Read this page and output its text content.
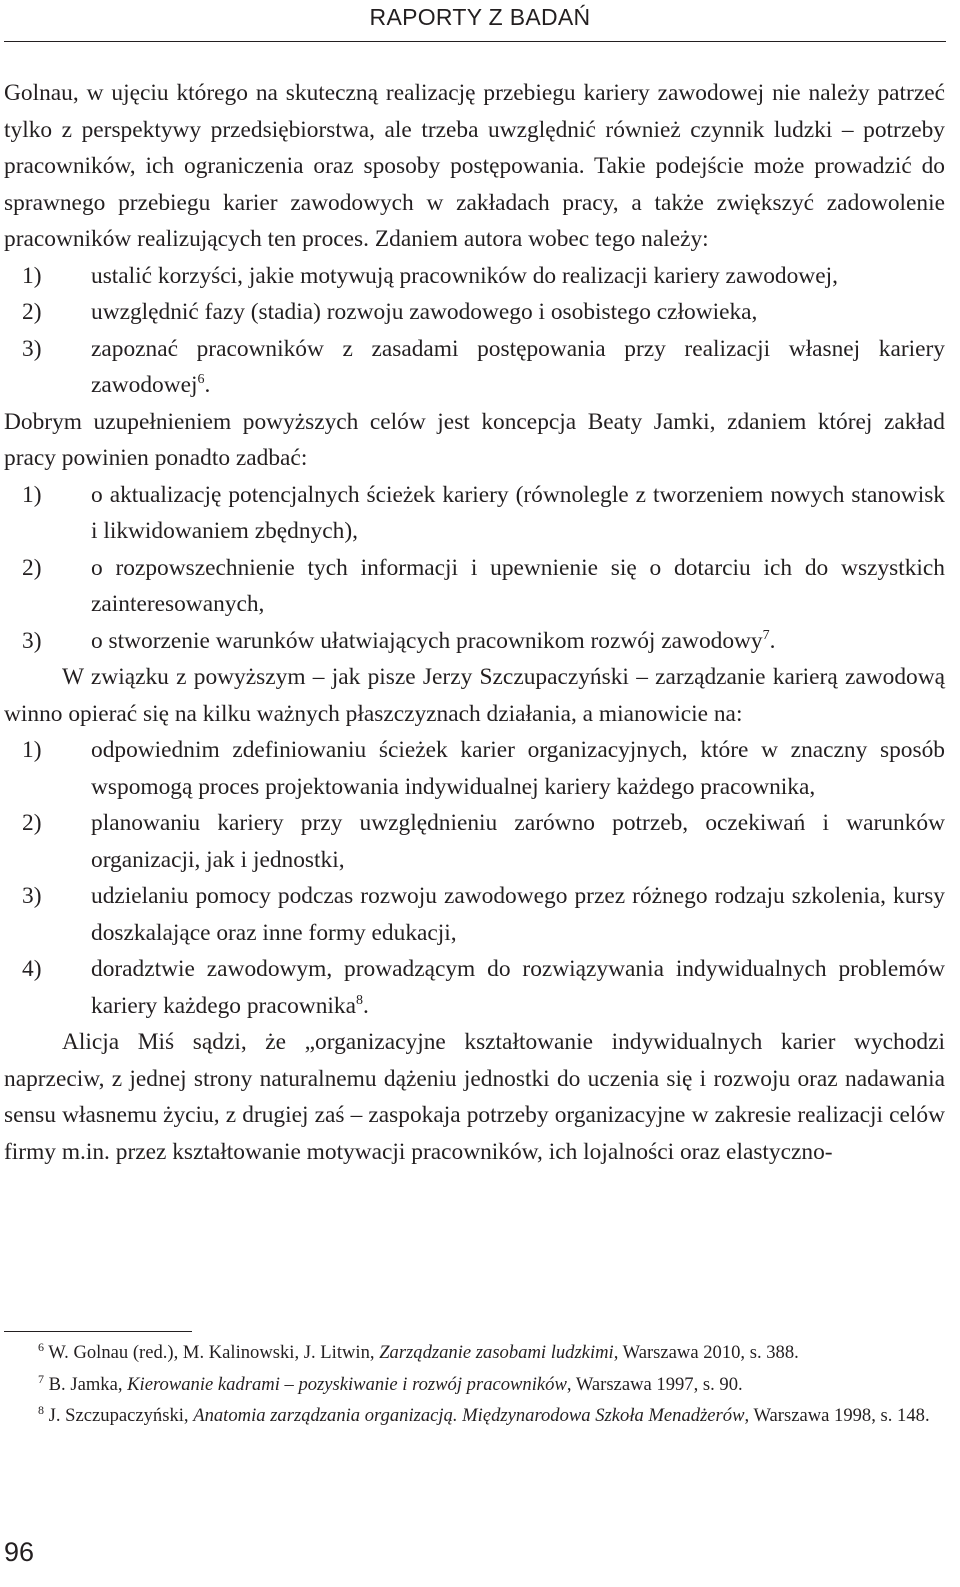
RAPORTY Z BADAŃ

Golnau, w ujęciu którego na skuteczną realizację przebiegu kariery zawodowej nie należy patrzeć tylko z perspektywy przedsiębiorstwa, ale trzeba uwzględnić również czynnik ludzki – potrzeby pracowników, ich ograniczenia oraz sposoby postępowania. Takie podejście może prowadzić do sprawnego przebiegu karier zawodowych w zakładach pracy, a także zwiększyć zadowolenie pracowników realizujących ten proces. Zdaniem autora wobec tego należy:

1) ustalić korzyści, jakie motywują pracowników do realizacji kariery zawodowej,
2) uwzględnić fazy (stadia) rozwoju zawodowego i osobistego człowieka,
3) zapoznać pracowników z zasadami postępowania przy realizacji własnej kariery zawodowej$^6$.

Dobrym uzupełnieniem powyższych celów jest koncepcja Beaty Jamki, zdaniem której zakład pracy powinien ponadto zadbać:

1) o aktualizację potencjalnych ścieżek kariery (równolegle z tworzeniem nowych stanowisk i likwidowaniem zbędnych),
2) o rozpowszechnienie tych informacji i upewnienie się o dotarciu ich do wszystkich zainteresowanych,
3) o stworzenie warunków ułatwiających pracownikom rozwój zawodowy$^7$.

W związku z powyższym – jak pisze Jerzy Szczupaczyński – zarządzanie karierą zawodową winno opierać się na kilku ważnych płaszczyznach działania, a mianowicie na:

1) odpowiednim zdefiniowaniu ścieżek karier organizacyjnych, które w znaczny sposób wspomogą proces projektowania indywidualnej kariery każdego pracownika,
2) planowaniu kariery przy uwzględnieniu zarówno potrzeb, oczekiwań i warunków organizacji, jak i jednostki,
3) udzielaniu pomocy podczas rozwoju zawodowego przez różnego rodzaju szkolenia, kursy doszkalające oraz inne formy edukacji,
4) doradztwie zawodowym, prowadzącym do rozwiązywania indywidualnych problemów kariery każdego pracownika$^8$.

Alicja Miś sądzi, że „organizacyjne kształtowanie indywidualnych karier wychodzi naprzeciw, z jednej strony naturalnemu dążeniu jednostki do uczenia się i rozwoju oraz nadawania sensu własnemu życiu, z drugiej zaś – zaspokaja potrzeby organizacyjne w zakresie realizacji celów firmy m.in. przez kształtowanie motywacji pracowników, ich lojalności oraz elastyczno-

$^6$ W. Golnau (red.), M. Kalinowski, J. Litwin, Zarządzanie zasobami ludzkimi, Warszawa 2010, s. 388.

$^7$ B. Jamka, Kierowanie kadrami – pozyskiwanie i rozwój pracowników, Warszawa 1997, s. 90.

$^8$ J. Szczupaczyński, Anatomia zarządzania organizacją. Międzynarodowa Szkoła Menadżerów, Warszawa 1998, s. 148.

96
